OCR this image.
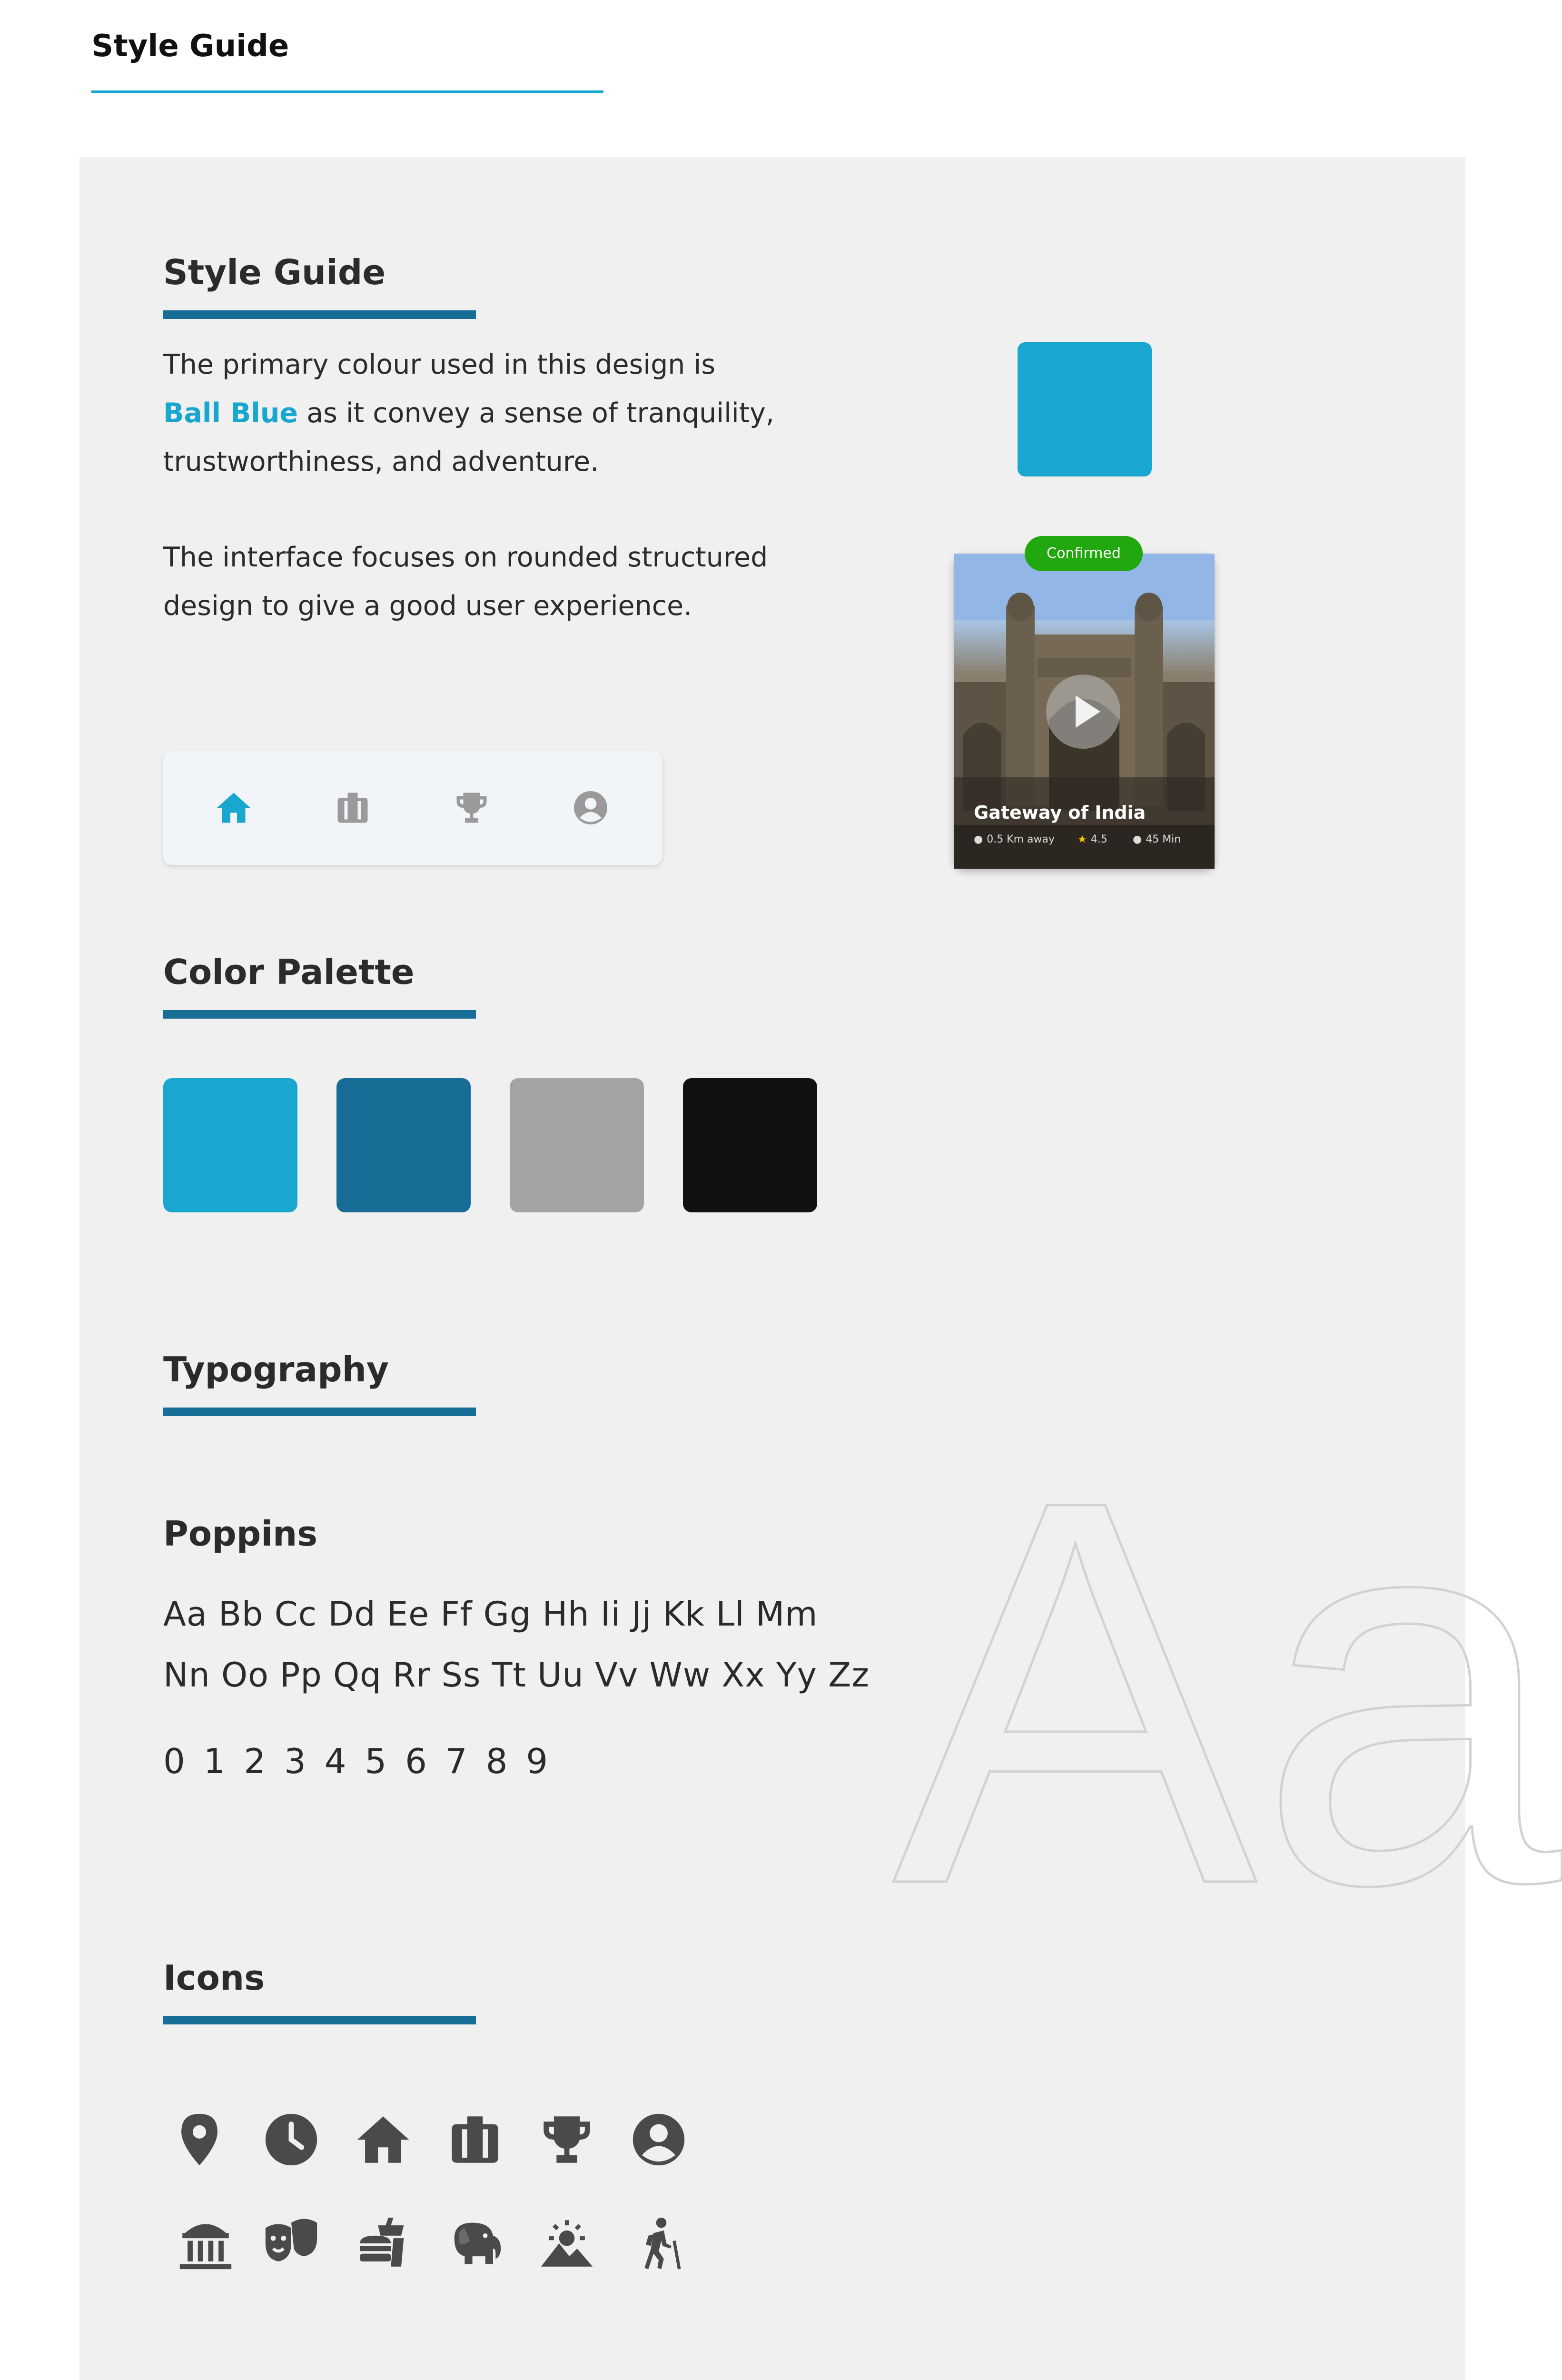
Style Guide
Style Guide
The primary colour used in this design is
Ball Blue as it convey a sense of tranquility,
trustworthiness, and adventure.
The interface focuses on rounded structured
design to give a good user experience.
Confirmed
Gateway of India
● 0.5 Km away ★ 4.5 ● 45 Min
Color Palette
Typography
Poppins
Aa Bb Cc Dd Ee Ff Gg Hh Ii Jj Kk Ll Mm
Nn Oo Pp Qq Rr Ss Tt Uu Vv Ww Xx Yy Zz
0 1 2 3 4 5 6 7 8 9 Aa
Icons
